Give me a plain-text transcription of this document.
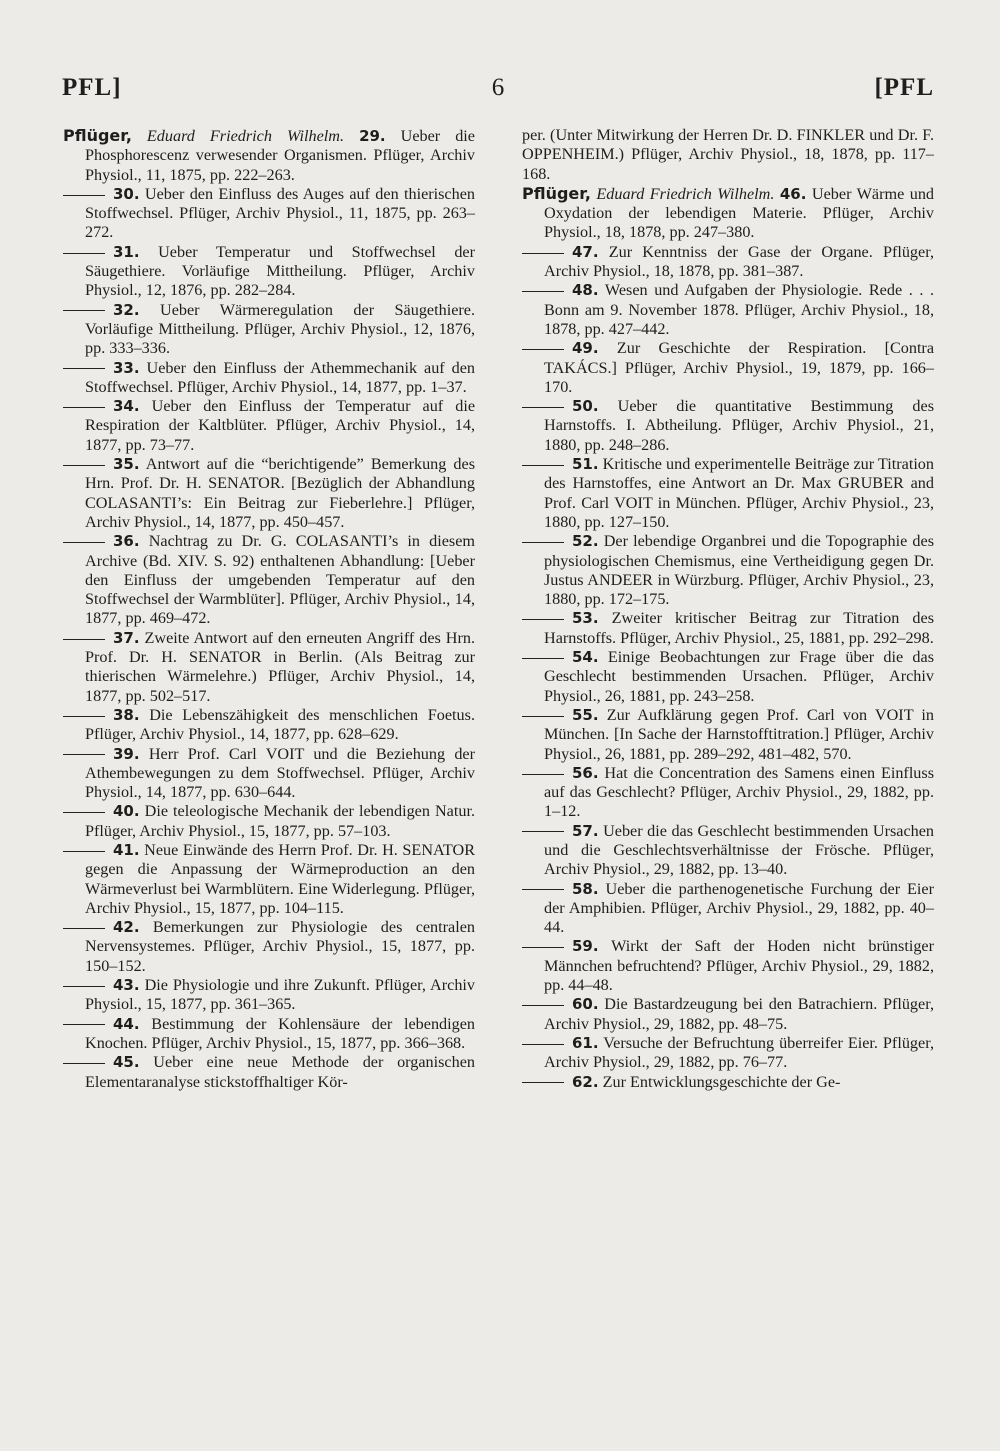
PFL]	6	[PFL

Pflüger, Eduard Friedrich Wilhelm. 29. Ueber die Phosphorescenz verwesender Organismen. Pflüger, Archiv Physiol., 11, 1875, pp. 222–263.

30. Ueber den Einfluss des Auges auf den thierischen Stoffwechsel. Pflüger, Archiv Physiol., 11, 1875, pp. 263–272.

31. Ueber Temperatur und Stoffwechsel der Säugethiere. Vorläufige Mittheilung. Pflüger, Archiv Physiol., 12, 1876, pp. 282–284.

32. Ueber Wärmeregulation der Säugethiere. Vorläufige Mittheilung. Pflüger, Archiv Physiol., 12, 1876, pp. 333–336.

33. Ueber den Einfluss der Athemmechanik auf den Stoffwechsel. Pflüger, Archiv Physiol., 14, 1877, pp. 1–37.

34. Ueber den Einfluss der Temperatur auf die Respiration der Kaltblüter. Pflüger, Archiv Physiol., 14, 1877, pp. 73–77.

35. Antwort auf die “berichtigende” Bemerkung des Hrn. Prof. Dr. H. SENATOR. [Bezüglich der Abhandlung COLASANTI’s: Ein Beitrag zur Fieberlehre.] Pflüger, Archiv Physiol., 14, 1877, pp. 450–457.

36. Nachtrag zu Dr. G. COLASANTI’s in diesem Archive (Bd. XIV. S. 92) enthaltenen Abhandlung: [Ueber den Einfluss der umgebenden Temperatur auf den Stoffwechsel der Warmblüter]. Pflüger, Archiv Physiol., 14, 1877, pp. 469–472.

37. Zweite Antwort auf den erneuten Angriff des Hrn. Prof. Dr. H. SENATOR in Berlin. (Als Beitrag zur thierischen Wärmelehre.) Pflüger, Archiv Physiol., 14, 1877, pp. 502–517.

38. Die Lebenszähigkeit des menschlichen Foetus. Pflüger, Archiv Physiol., 14, 1877, pp. 628–629.

39. Herr Prof. Carl VOIT und die Beziehung der Athembewegungen zu dem Stoffwechsel. Pflüger, Archiv Physiol., 14, 1877, pp. 630–644.

40. Die teleologische Mechanik der lebendigen Natur. Pflüger, Archiv Physiol., 15, 1877, pp. 57–103.

41. Neue Einwände des Herrn Prof. Dr. H. SENATOR gegen die Anpassung der Wärmeproduction an den Wärmeverlust bei Warmblütern. Eine Widerlegung. Pflüger, Archiv Physiol., 15, 1877, pp. 104–115.

42. Bemerkungen zur Physiologie des centralen Nervensystemes. Pflüger, Archiv Physiol., 15, 1877, pp. 150–152.

43. Die Physiologie und ihre Zukunft. Pflüger, Archiv Physiol., 15, 1877, pp. 361–365.

44. Bestimmung der Kohlensäure der lebendigen Knochen. Pflüger, Archiv Physiol., 15, 1877, pp. 366–368.

45. Ueber eine neue Methode der organischen Elementaranalyse stickstoffhaltiger Kör-

per. (Unter Mitwirkung der Herren Dr. D. FINKLER und Dr. F. OPPENHEIM.) Pflüger, Archiv Physiol., 18, 1878, pp. 117–168.

Pflüger, Eduard Friedrich Wilhelm. 46. Ueber Wärme und Oxydation der lebendigen Materie. Pflüger, Archiv Physiol., 18, 1878, pp. 247–380.

47. Zur Kenntniss der Gase der Organe. Pflüger, Archiv Physiol., 18, 1878, pp. 381–387.

48. Wesen und Aufgaben der Physiologie. Rede . . . Bonn am 9. November 1878. Pflüger, Archiv Physiol., 18, 1878, pp. 427–442.

49. Zur Geschichte der Respiration. [Contra TAKÁCS.] Pflüger, Archiv Physiol., 19, 1879, pp. 166–170.

50. Ueber die quantitative Bestimmung des Harnstoffs. I. Abtheilung. Pflüger, Archiv Physiol., 21, 1880, pp. 248–286.

51. Kritische und experimentelle Beiträge zur Titration des Harnstoffes, eine Antwort an Dr. Max GRUBER and Prof. Carl VOIT in München. Pflüger, Archiv Physiol., 23, 1880, pp. 127–150.

52. Der lebendige Organbrei und die Topographie des physiologischen Chemismus, eine Vertheidigung gegen Dr. Justus ANDEER in Würzburg. Pflüger, Archiv Physiol., 23, 1880, pp. 172–175.

53. Zweiter kritischer Beitrag zur Titration des Harnstoffs. Pflüger, Archiv Physiol., 25, 1881, pp. 292–298.

54. Einige Beobachtungen zur Frage über die das Geschlecht bestimmenden Ursachen. Pflüger, Archiv Physiol., 26, 1881, pp. 243–258.

55. Zur Aufklärung gegen Prof. Carl von VOIT in München. [In Sache der Harnstofftitration.] Pflüger, Archiv Physiol., 26, 1881, pp. 289–292, 481–482, 570.

56. Hat die Concentration des Samens einen Einfluss auf das Geschlecht? Pflüger, Archiv Physiol., 29, 1882, pp. 1–12.

57. Ueber die das Geschlecht bestimmenden Ursachen und die Geschlechtsverhältnisse der Frösche. Pflüger, Archiv Physiol., 29, 1882, pp. 13–40.

58. Ueber die parthenogenetische Furchung der Eier der Amphibien. Pflüger, Archiv Physiol., 29, 1882, pp. 40–44.

59. Wirkt der Saft der Hoden nicht brünstiger Männchen befruchtend? Pflüger, Archiv Physiol., 29, 1882, pp. 44–48.

60. Die Bastardzeugung bei den Batrachiern. Pflüger, Archiv Physiol., 29, 1882, pp. 48–75.

61. Versuche der Befruchtung überreifer Eier. Pflüger, Archiv Physiol., 29, 1882, pp. 76–77.

62. Zur Entwicklungsgeschichte der Ge-
